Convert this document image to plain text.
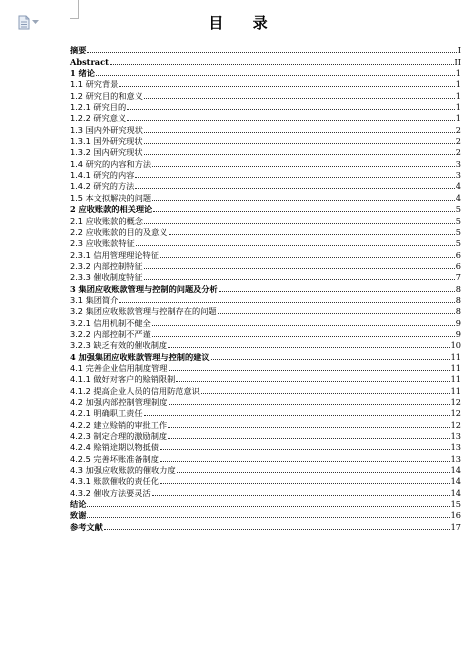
目 录
摘要	I
Abstract	II
1 绪论	1
1.1 研究背景	1
1.2 研究目的和意义	1
1.2.1 研究目的	1
1.2.2 研究意义	1
1.3 国内外研究现状	2
1.3.1 国外研究现状	2
1.3.2 国内研究现状	2
1.4 研究的内容和方法	3
1.4.1 研究的内容	3
1.4.2 研究的方法	4
1.5 本文拟解决的问题	4
2 应收账款的相关理论	5
2.1 应收账款的概念	5
2.2 应收账款的目的及意义	5
2.3 应收账款特征	5
2.3.1 信用管理理论特征	6
2.3.2 内部控制特征	6
2.3.3 催收制度特征	7
3 集团应收账款管理与控制的问题及分析	8
3.1 集团简介	8
3.2 集团应收账款管理与控制存在的问题	8
3.2.1 信用机制不健全	9
3.2.2 内部控制不严谨	9
3.2.3 缺乏有效的催收制度	10
4 加强集团应收账款管理与控制的建议	11
4.1 完善企业信用制度管理	11
4.1.1 做好对客户的赊销限制	11
4.1.2 提高企业人员的信用防范意识	11
4.2 加强内部控制管理制度	12
4.2.1 明确职工责任	12
4.2.2 建立赊销的审批工作	12
4.2.3 制定合理的激励制度	13
4.2.4 赊销途期以物抵债	13
4.2.5 完善坏账准备制度	13
4.3 加强应收账款的催收力度	14
4.3.1 账款催收的责任化	14
4.3.2 催收方法要灵活	14
结论	15
致谢	16
参考文献	17
